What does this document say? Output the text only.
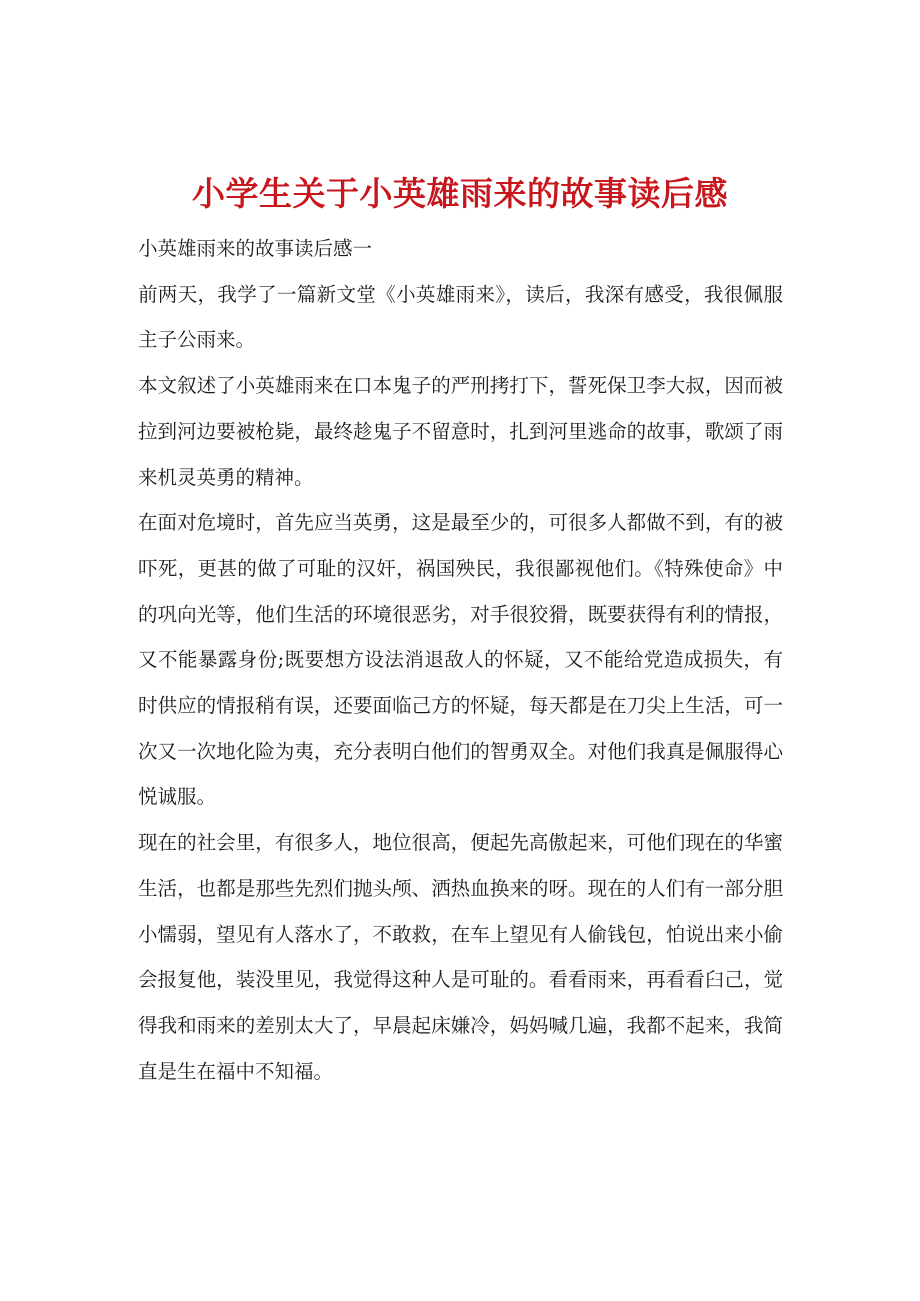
小学生关于小英雄雨来的故事读后感

小英雄雨来的故事读后感一

前两天，我学了一篇新文堂《小英雄雨来》，读后，我深有感受，我很佩服主子公雨来。

本文叙述了小英雄雨来在口本鬼子的严刑拷打下，誓死保卫李大叔，因而被拉到河边要被枪毙，最终趁鬼子不留意时，扎到河里逃命的故事，歌颂了雨来机灵英勇的精神。

在面对危境时，首先应当英勇，这是最至少的，可很多人都做不到，有的被吓死，更甚的做了可耻的汉奸，祸国殃民，我很鄙视他们。《特殊使命》中的巩向光等，他们生活的环境很恶劣，对手很狡猾，既要获得有利的情报，又不能暴露身份;既要想方设法消退敌人的怀疑，又不能给党造成损失，有时供应的情报稍有误，还要面临己方的怀疑，每天都是在刀尖上生活，可一次又一次地化险为夷，充分表明白他们的智勇双全。对他们我真是佩服得心悦诚服。

现在的社会里，有很多人，地位很高，便起先高傲起来，可他们现在的华蜜生活，也都是那些先烈们抛头颅、洒热血换来的呀。现在的人们有一部分胆小懦弱，望见有人落水了，不敢救，在车上望见有人偷钱包，怕说出来小偷会报复他，装没里见，我觉得这种人是可耻的。看看雨来，再看看臼己，觉得我和雨来的差别太大了，早晨起床嫌冷，妈妈喊几遍，我都不起来，我简直是生在福中不知福。
